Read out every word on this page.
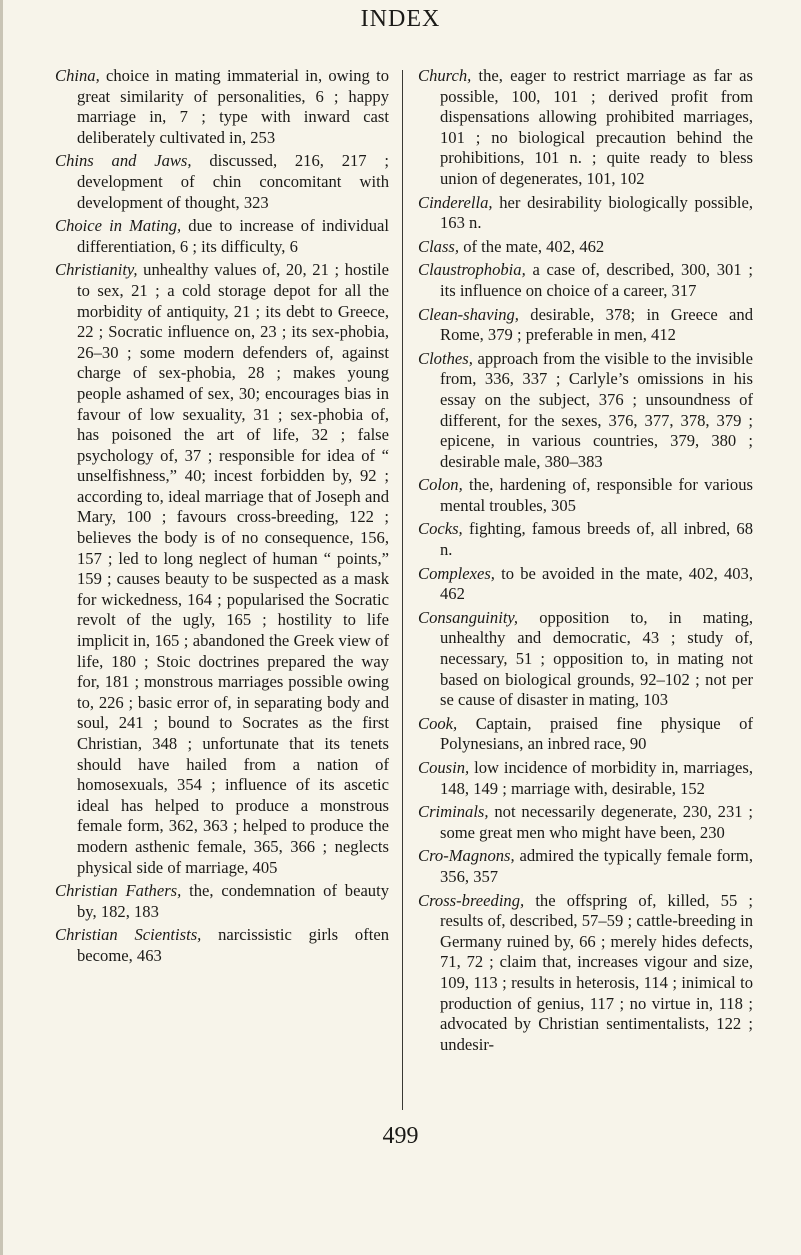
INDEX

China, choice in mating immaterial in, owing to great similarity of personalities, 6 ; happy marriage in, 7 ; type with inward cast deliberately cultivated in, 253

Chins and Jaws, discussed, 216, 217 ; development of chin concomitant with development of thought, 323

Choice in Mating, due to increase of individual differentiation, 6 ; its difficulty, 6

Christianity, unhealthy values of, 20, 21 ; hostile to sex, 21 ; a cold storage depot for all the morbidity of antiquity, 21 ; its debt to Greece, 22 ; Socratic influence on, 23 ; its sex-phobia, 26–30 ; some modern defenders of, against charge of sex-phobia, 28 ; makes young people ashamed of sex, 30; encourages bias in favour of low sexuality, 31 ; sex-phobia of, has poisoned the art of life, 32 ; false psychology of, 37 ; responsible for idea of “ unselfishness,” 40; incest forbidden by, 92 ; according to, ideal marriage that of Joseph and Mary, 100 ; favours cross-breeding, 122 ; believes the body is of no consequence, 156, 157 ; led to long neglect of human “ points,” 159 ; causes beauty to be suspected as a mask for wickedness, 164 ; popularised the Socratic revolt of the ugly, 165 ; hostility to life implicit in, 165 ; abandoned the Greek view of life, 180 ; Stoic doctrines prepared the way for, 181 ; monstrous marriages possible owing to, 226 ; basic error of, in separating body and soul, 241 ; bound to Socrates as the first Christian, 348 ; unfortunate that its tenets should have hailed from a nation of homosexuals, 354 ; influence of its ascetic ideal has helped to produce a monstrous female form, 362, 363 ; helped to produce the modern asthenic female, 365, 366 ; neglects physical side of marriage, 405

Christian Fathers, the, condemnation of beauty by, 182, 183

Christian Scientists, narcissistic girls often become, 463

Church, the, eager to restrict marriage as far as possible, 100, 101 ; derived profit from dispensations allowing prohibited marriages, 101 ; no biological precaution behind the prohibitions, 101 n. ; quite ready to bless union of degenerates, 101, 102

Cinderella, her desirability biologically possible, 163 n.

Class, of the mate, 402, 462

Claustrophobia, a case of, described, 300, 301 ; its influence on choice of a career, 317

Clean-shaving, desirable, 378; in Greece and Rome, 379 ; preferable in men, 412

Clothes, approach from the visible to the invisible from, 336, 337 ; Carlyle’s omissions in his essay on the subject, 376 ; unsoundness of different, for the sexes, 376, 377, 378, 379 ; epicene, in various countries, 379, 380 ; desirable male, 380–383

Colon, the, hardening of, responsible for various mental troubles, 305

Cocks, fighting, famous breeds of, all inbred, 68 n.

Complexes, to be avoided in the mate, 402, 403, 462

Consanguinity, opposition to, in mating, unhealthy and democratic, 43 ; study of, necessary, 51 ; opposition to, in mating not based on biological grounds, 92–102 ; not per se cause of disaster in mating, 103

Cook, Captain, praised fine physique of Polynesians, an inbred race, 90

Cousin, low incidence of morbidity in, marriages, 148, 149 ; marriage with, desirable, 152

Criminals, not necessarily degenerate, 230, 231 ; some great men who might have been, 230

Cro-Magnons, admired the typically female form, 356, 357

Cross-breeding, the offspring of, killed, 55 ; results of, described, 57–59 ; cattle-breeding in Germany ruined by, 66 ; merely hides defects, 71, 72 ; claim that, increases vigour and size, 109, 113 ; results in heterosis, 114 ; inimical to production of genius, 117 ; no virtue in, 118 ; advocated by Christian sentimentalists, 122 ; undesir-

499
